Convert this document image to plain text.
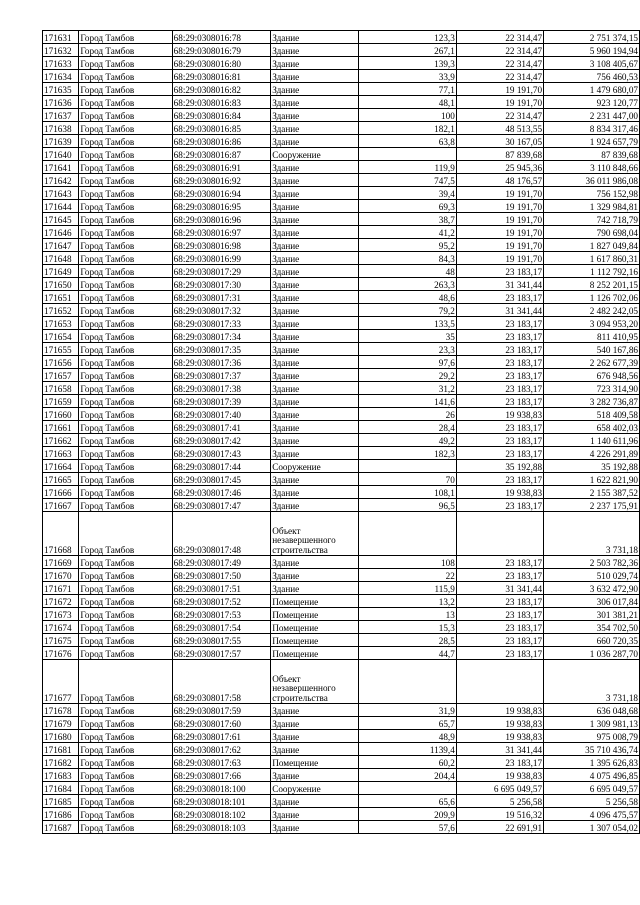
171631	Город Тамбов	68:29:0308016:78	Здание	123,3	22 314,47	2 751 374,15
171632	Город Тамбов	68:29:0308016:79	Здание	267,1	22 314,47	5 960 194,94
171633	Город Тамбов	68:29:0308016:80	Здание	139,3	22 314,47	3 108 405,67
171634	Город Тамбов	68:29:0308016:81	Здание	33,9	22 314,47	756 460,53
171635	Город Тамбов	68:29:0308016:82	Здание	77,1	19 191,70	1 479 680,07
171636	Город Тамбов	68:29:0308016:83	Здание	48,1	19 191,70	923 120,77
171637	Город Тамбов	68:29:0308016:84	Здание	100	22 314,47	2 231 447,00
171638	Город Тамбов	68:29:0308016:85	Здание	182,1	48 513,55	8 834 317,46
171639	Город Тамбов	68:29:0308016:86	Здание	63,8	30 167,05	1 924 657,79
171640	Город Тамбов	68:29:0308016:87	Сооружение		87 839,68	87 839,68
171641	Город Тамбов	68:29:0308016:91	Здание	119,9	25 945,36	3 110 848,66
171642	Город Тамбов	68:29:0308016:92	Здание	747,5	48 176,57	36 011 986,08
171643	Город Тамбов	68:29:0308016:94	Здание	39,4	19 191,70	756 152,98
171644	Город Тамбов	68:29:0308016:95	Здание	69,3	19 191,70	1 329 984,81
171645	Город Тамбов	68:29:0308016:96	Здание	38,7	19 191,70	742 718,79
171646	Город Тамбов	68:29:0308016:97	Здание	41,2	19 191,70	790 698,04
171647	Город Тамбов	68:29:0308016:98	Здание	95,2	19 191,70	1 827 049,84
171648	Город Тамбов	68:29:0308016:99	Здание	84,3	19 191,70	1 617 860,31
171649	Город Тамбов	68:29:0308017:29	Здание	48	23 183,17	1 112 792,16
171650	Город Тамбов	68:29:0308017:30	Здание	263,3	31 341,44	8 252 201,15
171651	Город Тамбов	68:29:0308017:31	Здание	48,6	23 183,17	1 126 702,06
171652	Город Тамбов	68:29:0308017:32	Здание	79,2	31 341,44	2 482 242,05
171653	Город Тамбов	68:29:0308017:33	Здание	133,5	23 183,17	3 094 953,20
171654	Город Тамбов	68:29:0308017:34	Здание	35	23 183,17	811 410,95
171655	Город Тамбов	68:29:0308017:35	Здание	23,3	23 183,17	540 167,86
171656	Город Тамбов	68:29:0308017:36	Здание	97,6	23 183,17	2 262 677,39
171657	Город Тамбов	68:29:0308017:37	Здание	29,2	23 183,17	676 948,56
171658	Город Тамбов	68:29:0308017:38	Здание	31,2	23 183,17	723 314,90
171659	Город Тамбов	68:29:0308017:39	Здание	141,6	23 183,17	3 282 736,87
171660	Город Тамбов	68:29:0308017:40	Здание	26	19 938,83	518 409,58
171661	Город Тамбов	68:29:0308017:41	Здание	28,4	23 183,17	658 402,03
171662	Город Тамбов	68:29:0308017:42	Здание	49,2	23 183,17	1 140 611,96
171663	Город Тамбов	68:29:0308017:43	Здание	182,3	23 183,17	4 226 291,89
171664	Город Тамбов	68:29:0308017:44	Сооружение		35 192,88	35 192,88
171665	Город Тамбов	68:29:0308017:45	Здание	70	23 183,17	1 622 821,90
171666	Город Тамбов	68:29:0308017:46	Здание	108,1	19 938,83	2 155 387,52
171667	Город Тамбов	68:29:0308017:47	Здание	96,5	23 183,17	2 237 175,91
171668	Город Тамбов	68:29:0308017:48	Объект незавершенного строительства			3 731,18
171669	Город Тамбов	68:29:0308017:49	Здание	108	23 183,17	2 503 782,36
171670	Город Тамбов	68:29:0308017:50	Здание	22	23 183,17	510 029,74
171671	Город Тамбов	68:29:0308017:51	Здание	115,9	31 341,44	3 632 472,90
171672	Город Тамбов	68:29:0308017:52	Помещение	13,2	23 183,17	306 017,84
171673	Город Тамбов	68:29:0308017:53	Помещение	13	23 183,17	301 381,21
171674	Город Тамбов	68:29:0308017:54	Помещение	15,3	23 183,17	354 702,50
171675	Город Тамбов	68:29:0308017:55	Помещение	28,5	23 183,17	660 720,35
171676	Город Тамбов	68:29:0308017:57	Помещение	44,7	23 183,17	1 036 287,70
171677	Город Тамбов	68:29:0308017:58	Объект незавершенного строительства			3 731,18
171678	Город Тамбов	68:29:0308017:59	Здание	31,9	19 938,83	636 048,68
171679	Город Тамбов	68:29:0308017:60	Здание	65,7	19 938,83	1 309 981,13
171680	Город Тамбов	68:29:0308017:61	Здание	48,9	19 938,83	975 008,79
171681	Город Тамбов	68:29:0308017:62	Здание	1139,4	31 341,44	35 710 436,74
171682	Город Тамбов	68:29:0308017:63	Помещение	60,2	23 183,17	1 395 626,83
171683	Город Тамбов	68:29:0308017:66	Здание	204,4	19 938,83	4 075 496,85
171684	Город Тамбов	68:29:0308018:100	Сооружение		6 695 049,57	6 695 049,57
171685	Город Тамбов	68:29:0308018:101	Здание	65,6	5 256,58	5 256,58
171686	Город Тамбов	68:29:0308018:102	Здание	209,9	19 516,32	4 096 475,57
171687	Город Тамбов	68:29:0308018:103	Здание	57,6	22 691,91	1 307 054,02
